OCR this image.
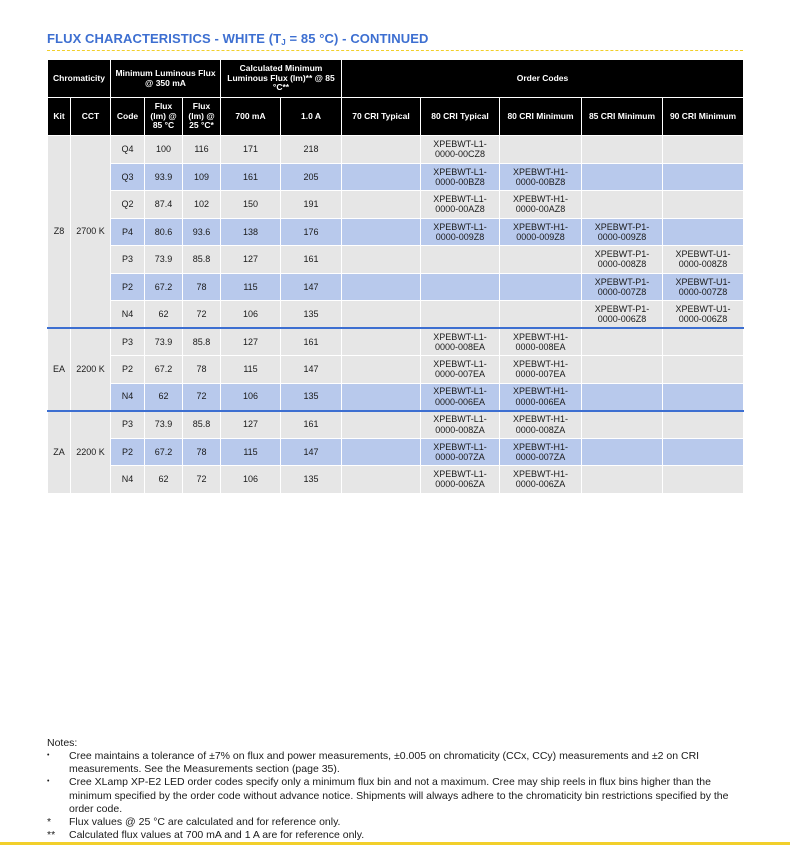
FLUX CHARACTERISTICS - WHITE ($T_J = 85$ °C) - CONTINUED
Chromaticity		Minimum Luminous Flux @ 350 mA			Calculated Minimum Luminous Flux (lm)** @ 85 °C**		Order Codes				
Kit	CCT	Code	Flux (lm) @ 85 °C	Flux (lm) @ 25 °C*	700 mA	1.0 A	70 CRI Typical	80 CRI Typical	80 CRI Minimum	85 CRI Minimum	90 CRI Minimum
Z8	2700 K	Q4	100	116	171	218		XPEBWT-L1-0000-00CZ8			
		Q3	93.9	109	161	205		XPEBWT-L1-0000-00BZ8	XPEBWT-H1-0000-00BZ8		
		Q2	87.4	102	150	191		XPEBWT-L1-0000-00AZ8	XPEBWT-H1-0000-00AZ8		
		P4	80.6	93.6	138	176		XPEBWT-L1-0000-009Z8	XPEBWT-H1-0000-009Z8	XPEBWT-P1-0000-009Z8	
		P3	73.9	85.8	127	161				XPEBWT-P1-0000-008Z8	XPEBWT-U1-0000-008Z8
		P2	67.2	78	115	147				XPEBWT-P1-0000-007Z8	XPEBWT-U1-0000-007Z8
		N4	62	72	106	135				XPEBWT-P1-0000-006Z8	XPEBWT-U1-0000-006Z8
EA	2200 K	P3	73.9	85.8	127	161		XPEBWT-L1-0000-008EA	XPEBWT-H1-0000-008EA		
		P2	67.2	78	115	147		XPEBWT-L1-0000-007EA	XPEBWT-H1-0000-007EA		
		N4	62	72	106	135		XPEBWT-L1-0000-006EA	XPEBWT-H1-0000-006EA		
ZA	2200 K	P3	73.9	85.8	127	161		XPEBWT-L1-0000-008ZA	XPEBWT-H1-0000-008ZA		
		P2	67.2	78	115	147		XPEBWT-L1-0000-007ZA	XPEBWT-H1-0000-007ZA		
		N4	62	72	106	135		XPEBWT-L1-0000-006ZA	XPEBWT-H1-0000-006ZA		
Notes:
•	Cree maintains a tolerance of ±7% on flux and power measurements, ±0.005 on chromaticity (CCx, CCy) measurements and ±2 on CRI measurements. See the Measurements section (page 35).
•	Cree XLamp XP-E2 LED order codes specify only a minimum flux bin and not a maximum. Cree may ship reels in flux bins higher than the minimum specified by the order code without advance notice. Shipments will always adhere to the chromaticity bin restrictions specified by the order code.
*	Flux values @ 25 °C are calculated and for reference only.
**	Calculated flux values at 700 mA and 1 A are for reference only.
